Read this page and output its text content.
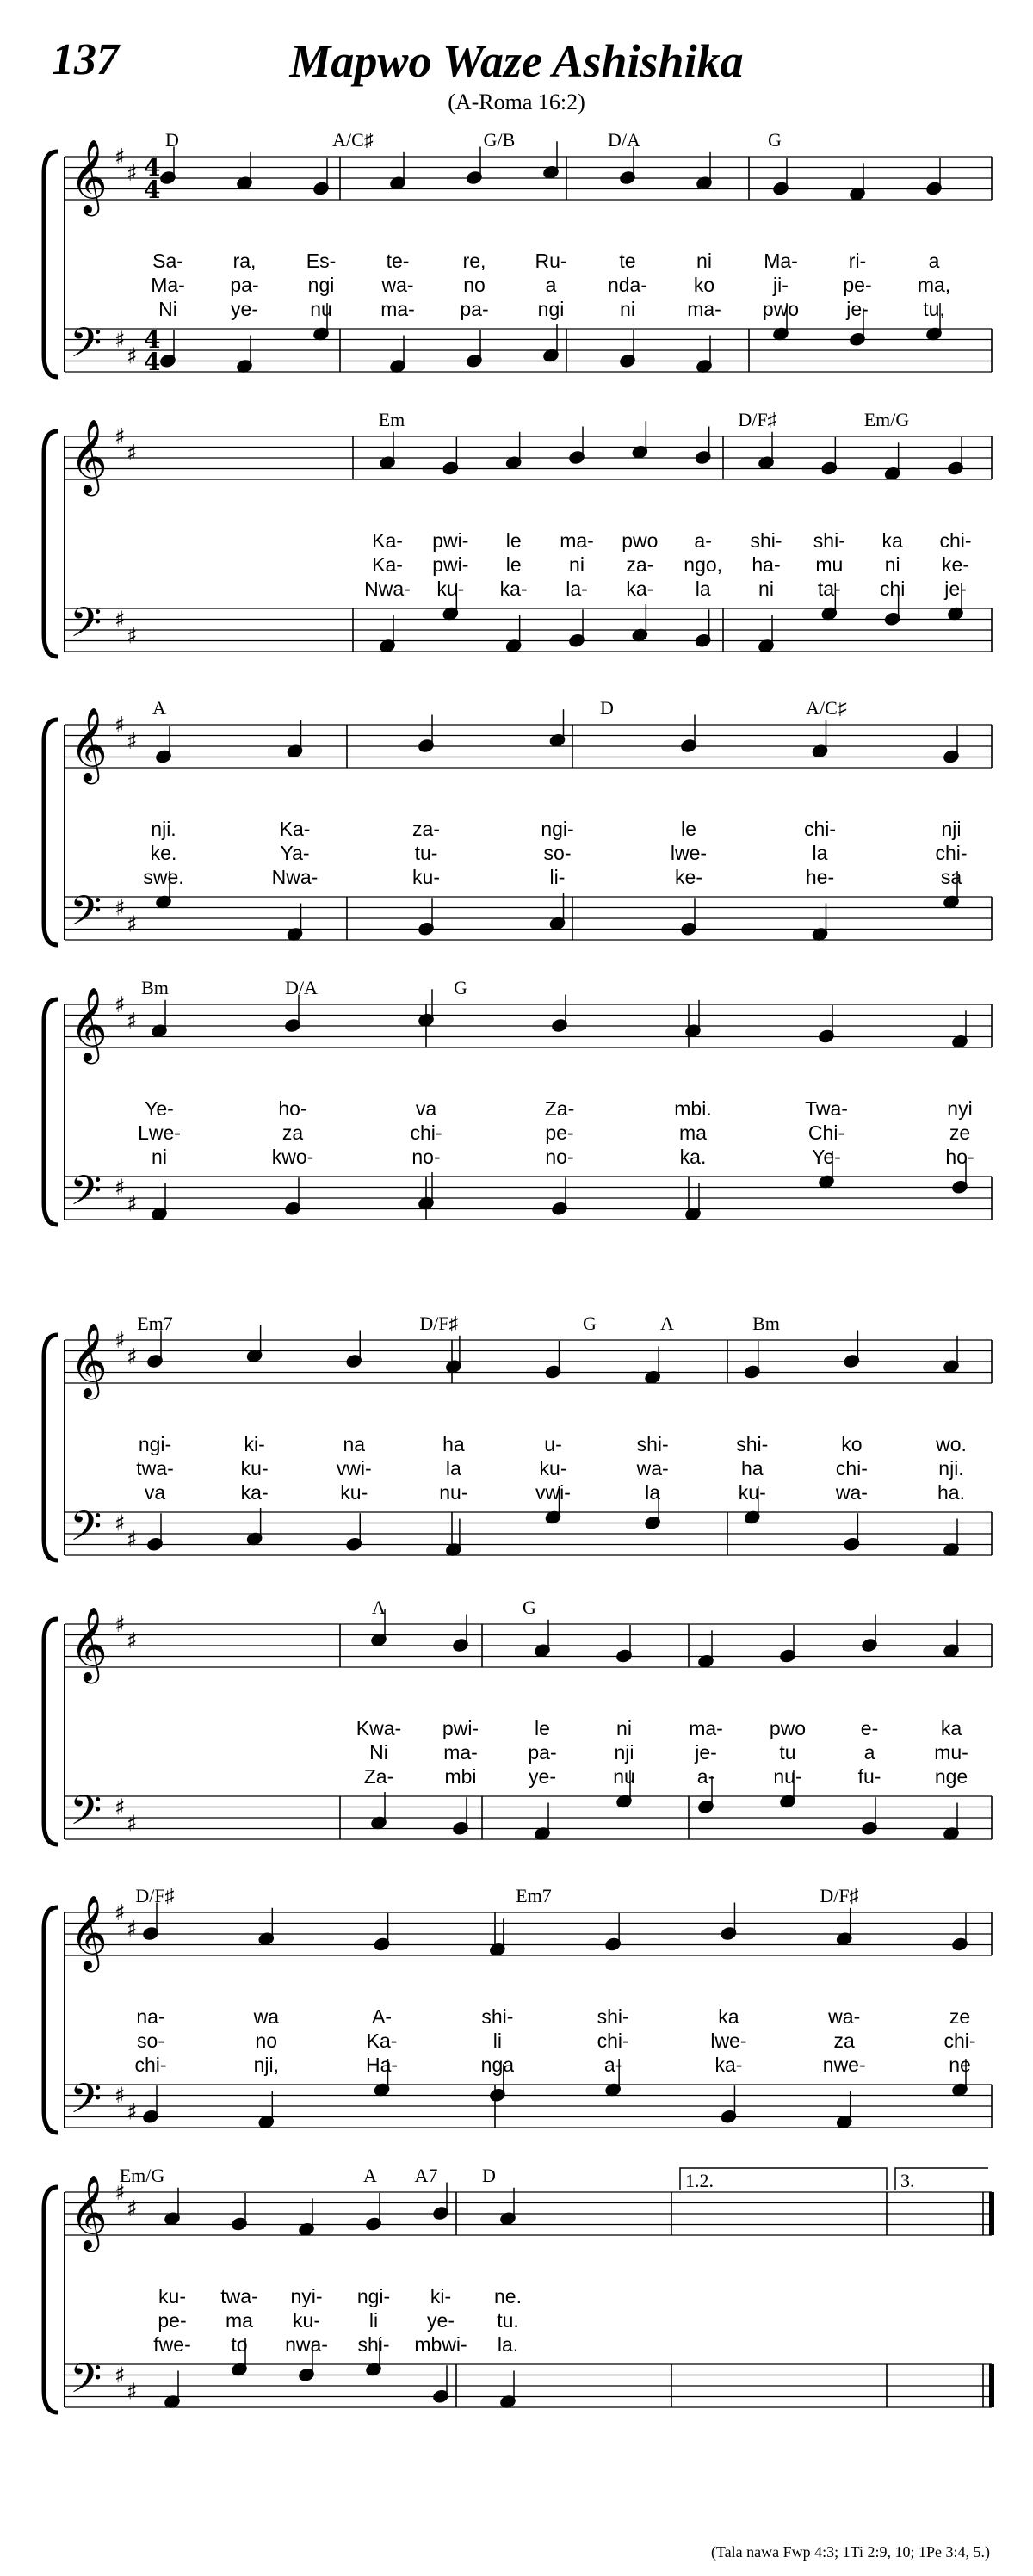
137	Mapwo Waze Ashishika
(A-Roma 16:2)
𝄞
𝄢
♯
♯
♯
♯
4
4
4
4
D	A/C♯	G/B	D/A	G
Sa-	ra,	Es-	te-	re, Ru-	te	ni	Ma-	ri-	a
Ma- pa- ngi wa-	no	a	nda- ko	ji-	pe- ma,
Ni	ye-	nu ma- pa- ngi	ni	ma- pwo je-	tu,
𝄞
𝄢
♯
♯
♯
♯
Em	D/F♯	Em/G
Ka- pwi- le ma- pwo a- shi- shi- ka chi-
Ka- pwi- le ni za- ngo, ha- mu ni ke-
Nwa- ku- ka- la- ka- la ni ta- chi je-
𝄞
𝄢
♯
♯
♯
♯
A	D	A/C♯
nji.	Ka-	za-	ngi-	le	chi-	nji
ke.	Ya-	tu-	so-	lwe-	la	chi-
swe.	Nwa-	ku-	li-	ke-	he-	sa
𝄞
𝄢
♯
♯
♯
♯
Bm	D/A	G
Ye-	ho-	va	Za-	mbi.	Twa-	nyi
Lwe-	za	chi-	pe-	ma	Chi-	ze
ni	kwo-	no-	no-	ka.	Ye-	ho-
𝄞
𝄢
♯
♯
♯
♯
Em7	D/F♯	G	A	Bm
ngi-	ki-	na	ha	u-	shi-	shi-	ko	wo.
twa-	ku-	vwi-	la	ku-	wa-	ha	chi-	nji.
va	ka-	ku-	nu-	vwi-	la	ku-	wa-	ha.
𝄞
𝄢
♯
♯
♯
♯
A	G
Kwa- pwi-	le	ni	ma- pwo	e-	ka
Ni	ma-	pa-	nji	je-	tu	a	mu-
Za-	mbi	ye-	nu	a-	nu-	fu-	nge
𝄞
𝄢
♯
♯
♯
♯
D/F♯	Em7	D/F♯
na-	wa	A-	shi-	shi-	ka	wa-	ze
so-	no	Ka-	li	chi-	lwe-	za	chi-
chi-	nji,	Ha-	nga	a-	ka-	nwe-	ne
𝄞
𝄢
♯
♯
♯
♯
Em/G	A A7 D	1.2.	3.
ku- twa- nyi- ngi- ki- ne.
pe- ma ku- li ye- tu.
fwe- to nwa- shi- mbwi- la.
(Tala nawa Fwp 4:3; 1Ti 2:9, 10; 1Pe 3:4, 5.)
